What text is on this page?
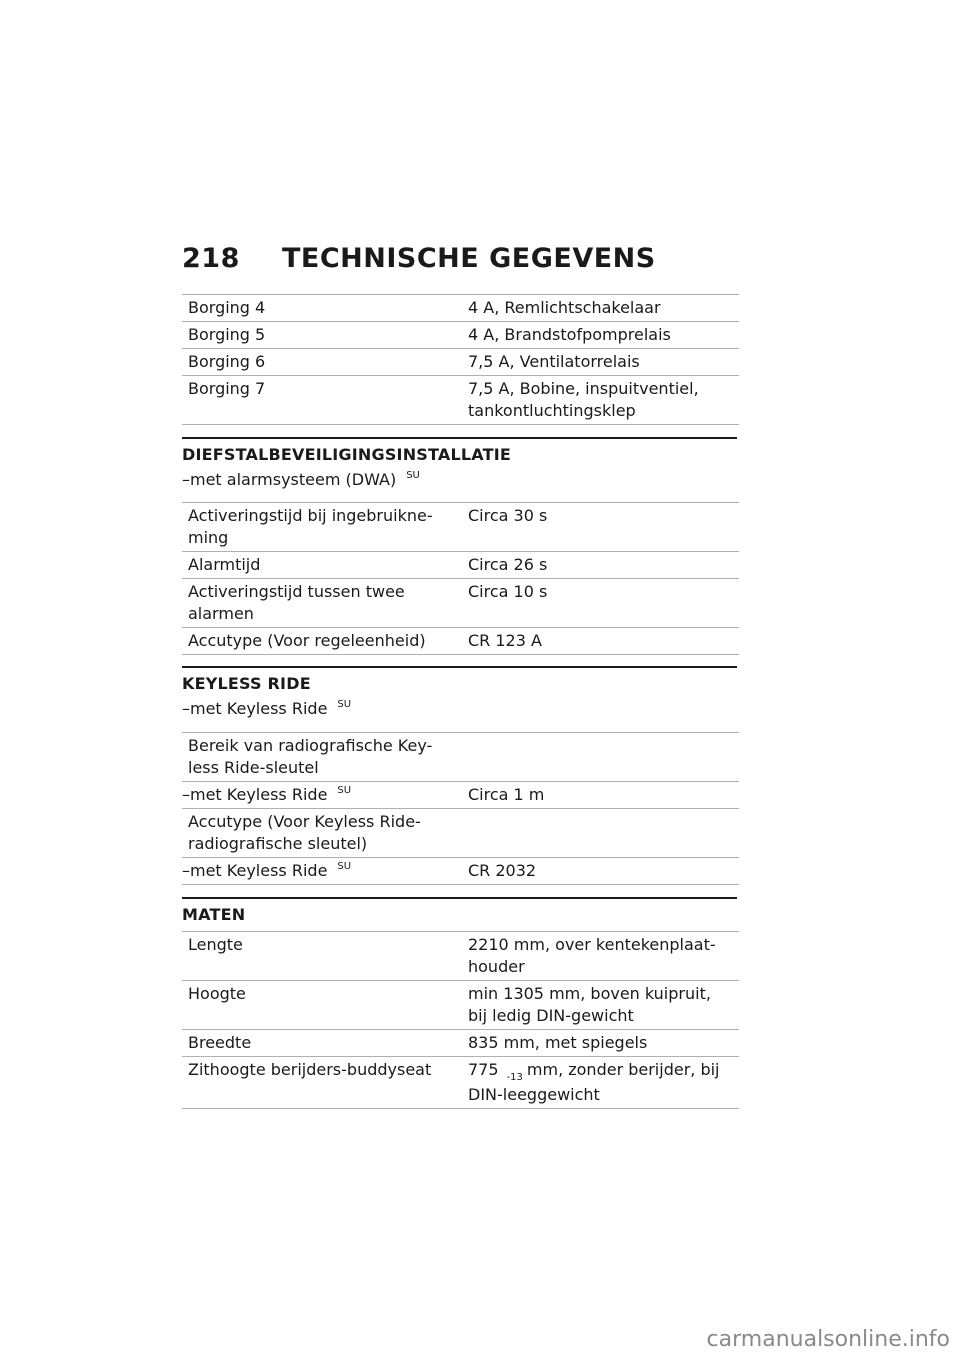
218 TECHNISCHE GEGEVENS
Borging 4	4 A, Remlichtschakelaar
Borging 5	4 A, Brandstofpomprelais
Borging 6	7,5 A, Ventilatorrelais
Borging 7	7,5 A, Bobine, inspuitventiel, tankontluchtingsklep
DIEFSTALBEVEILIGINGSINSTALLATIE
–met alarmsysteem (DWA) $^{SU}$
Activeringstijd bij ingebruikne-ming	Circa 30 s
Alarmtijd	Circa 26 s
Activeringstijd tussen twee alarmen	Circa 10 s
Accutype (Voor regeleenheid)	CR 123 A
KEYLESS RIDE
–met Keyless Ride $^{SU}$
Bereik van radiografische Key-less Ride-sleutel	
–met Keyless Ride $^{SU}$	Circa 1 m
Accutype (Voor Keyless Ride-radiografische sleutel)	
–met Keyless Ride $^{SU}$	CR 2032
MATEN
Lengte	2210 mm, over kentekenplaat-houder
Hoogte	min 1305 mm, boven kuipruit, bij ledig DIN-gewicht
Breedte	835 mm, met spiegels
Zithoogte berijders-buddyseat	775 $_{-13}$ mm, zonder berijder, bij DIN-leeggewicht
carmanualsonline.info
